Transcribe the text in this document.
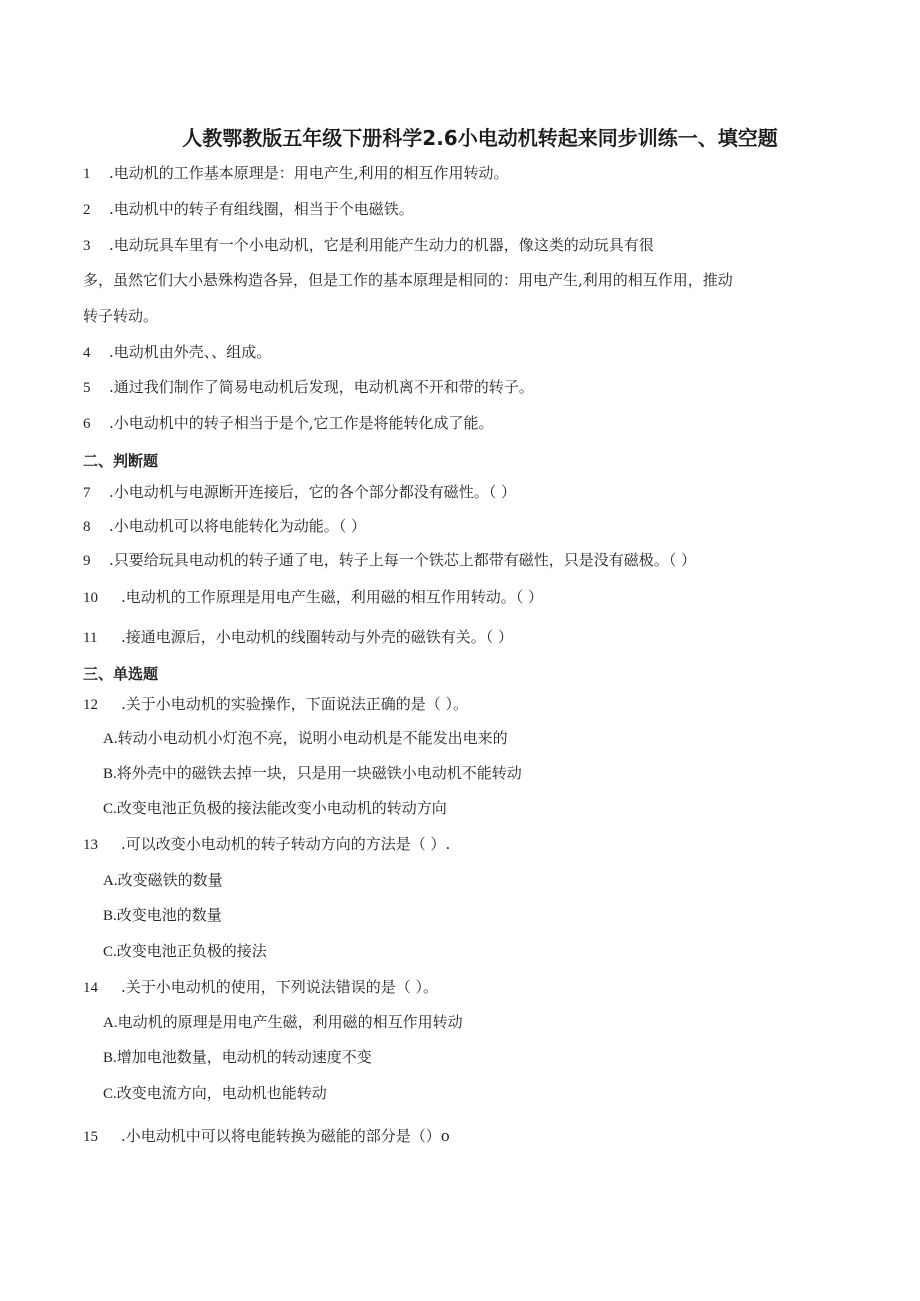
人教鄂教版五年级下册科学2.6小电动机转起来同步训练一、填空题
1 .电动机的工作基本原理是：用电产生,利用的相互作用转动。
2 .电动机中的转子有组线圈，相当于个电磁铁。
3 .电动玩具车里有一个小电动机，它是利用能产生动力的机器，像这类的动玩具有很
多，虽然它们大小悬殊构造各异，但是工作的基本原理是相同的：用电产生,利用的相互作用，推动
转子转动。
4 .电动机由外壳、、组成。
5 .通过我们制作了简易电动机后发现，电动机离不开和带的转子。
6 .小电动机中的转子相当于是个,它工作是将能转化成了能。
二、判断题
7 .小电动机与电源断开连接后，它的各个部分都没有磁性。（ ）
8 .小电动机可以将电能转化为动能。（ ）
9 .只要给玩具电动机的转子通了电，转子上每一个铁芯上都带有磁性，只是没有磁极。（ ）
10 .电动机的工作原理是用电产生磁，利用磁的相互作用转动。（ ）
11 .接通电源后，小电动机的线圈转动与外壳的磁铁有关。（ ）
三、单选题
12 .关于小电动机的实验操作，下面说法正确的是（ ）。
A.转动小电动机小灯泡不亮，说明小电动机是不能发出电来的
B.将外壳中的磁铁去掉一块，只是用一块磁铁小电动机不能转动
C.改变电池正负极的接法能改变小电动机的转动方向
13 .可以改变小电动机的转子转动方向的方法是（ ）.
A.改变磁铁的数量
B.改变电池的数量
C.改变电池正负极的接法
14 .关于小电动机的使用，下列说法错误的是（ ）。
A.电动机的原理是用电产生磁，利用磁的相互作用转动
B.增加电池数量，电动机的转动速度不变
C.改变电流方向，电动机也能转动
15 .小电动机中可以将电能转换为磁能的部分是（）o
